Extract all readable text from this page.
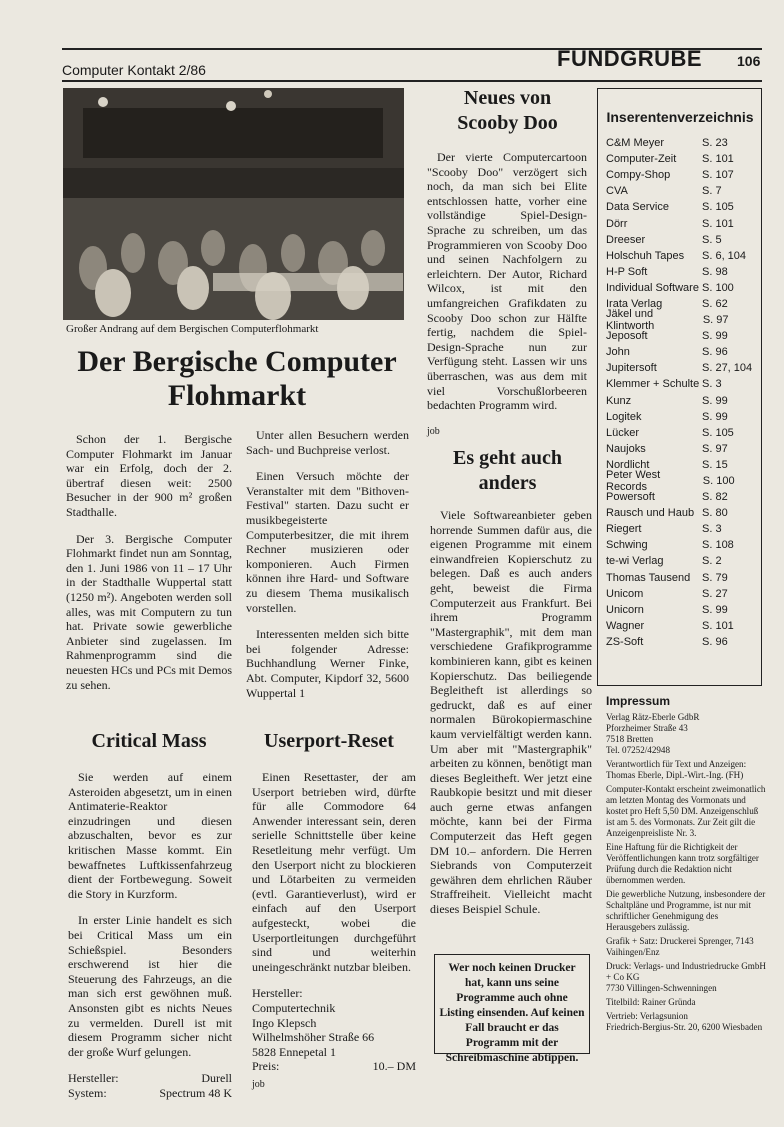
Computer Kontakt 2/86	FUNDGRUBE 106
Großer Andrang auf dem Bergischen Computerflohmarkt
Der Bergische Computer
Flohmarkt

Schon der 1. Bergische Computer Flohmarkt im Januar war ein Erfolg, doch der 2. übertraf diesen weit: 2500 Besucher in der 900 m² großen Stadthalle.

Der 3. Bergische Computer Flohmarkt findet nun am Sonntag, den 1. Juni 1986 von 11 – 17 Uhr in der Stadthalle Wuppertal statt (1250 m²). Angeboten werden soll alles, was mit Computern zu tun hat. Private sowie gewerbliche Anbieter sind zugelassen. Im Rahmenprogramm sind die neuesten HCs und PCs mit Demos zu sehen.

Unter allen Besuchern werden Sach- und Buchpreise verlost.

Einen Versuch möchte der Veranstalter mit dem "Bithoven-Festival" starten. Dazu sucht er musikbegeisterte Computerbesitzer, die mit ihrem Rechner musizieren oder komponieren. Auch Firmen können ihre Hard- und Software zu diesem Thema musikalisch vorstellen.

Interessenten melden sich bitte bei folgender Adresse: Buchhandlung Werner Finke, Abt. Computer, Kipdorf 32, 5600 Wuppertal 1

Critical Mass

Sie werden auf einem Asteroiden abgesetzt, um in einen Antimaterie-Reaktor einzudringen und diesen abzuschalten, bevor es zur kritischen Masse kommt. Ein bewaffnetes Luftkissenfahrzeug dient der Fortbewegung. Soweit die Story in Kurzform.

In erster Linie handelt es sich bei Critical Mass um ein Schießspiel. Besonders erschwerend ist hier die Steuerung des Fahrzeugs, an die man sich erst gewöhnen muß. Ansonsten gibt es nichts Neues zu vermelden. Durell ist mit diesem Programm sicher nicht der große Wurf gelungen.

Hersteller:	Durell
System:	Spectrum 48 K
Userport-Reset

Einen Resettaster, der am Userport betrieben wird, dürfte für alle Commodore 64 Anwender interessant sein, deren serielle Schnittstelle über keine Resetleitung mehr verfügt. Um den Userport nicht zu blockieren und Lötarbeiten zu vermeiden (evtl. Garantieverlust), wird er einfach auf den Userport aufgesteckt, wobei die Userportleitungen durchgeführt sind und weiterhin uneingeschränkt nutzbar bleiben.

Hersteller:
Computertechnik
Ingo Klepsch
Wilhelmshöher Straße 66
5828 Ennepetal 1
Preis:	10.– DM
job
Neues von
Scooby Doo

Der vierte Computercartoon "Scooby Doo" verzögert sich noch, da man sich bei Elite entschlossen hatte, vorher eine vollständige Spiel-Design-Sprache zu schreiben, um das Programmieren von Scooby Doo und seinen Nachfolgern zu erleichtern. Der Autor, Richard Wilcox, ist mit den umfangreichen Grafikdaten zu Scooby Doo schon zur Hälfte fertig, nachdem die Spiel-Design-Sprache nun zur Verfügung steht. Lassen wir uns überraschen, was aus dem mit viel Vorschußlorbeeren bedachten Programm wird.

job
Es geht auch
anders

Viele Softwareanbieter geben horrende Summen dafür aus, die eigenen Programme mit einem einwandfreien Kopierschutz zu belegen. Daß es auch anders geht, beweist die Firma Computerzeit aus Frankfurt. Bei ihrem Programm "Mastergraphik", mit dem man verschiedene Grafikprogramme kombinieren kann, gibt es keinen Kopierschutz. Das beiliegende Begleitheft ist allerdings so gedruckt, daß es auf einer normalen Bürokopiermaschine kaum vervielfältigt werden kann. Um aber mit "Mastergraphik" arbeiten zu können, benötigt man dieses Begleitheft. Wer jetzt eine Raubkopie besitzt und mit dieser auch gerne etwas anfangen möchte, kann bei der Firma Computerzeit das Heft gegen DM 10.– anfordern. Die Herren Siebrands von Computerzeit gewähren dem ehrlichen Räuber Straffreiheit. Vielleicht macht dieses Beispiel Schule.

Wer noch keinen Drucker hat, kann uns seine Programme auch ohne Listing einsenden. Auf keinen Fall braucht er das Programm mit der Schreibmaschine abtippen.
Inserentenverzeichnis
C&M Meyer	S. 23
Computer-Zeit S. 101
Compy-Shop	S. 107
CVA	S. 7
Data Service	S. 105
Dörr	S. 101
Dreeser	S. 5
Holschuh Tapes S. 6, 104
H-P Soft	S. 98
Individual Software S. 100
Irata Verlag	S. 62
Jäkel und Klintworth	S. 97
Jeposoft	S. 99
John	S. 96
Jupitersoft	S. 27, 104
Klemmer + Schulte S. 3
Kunz	S. 99
Logitek	S. 99
Lücker	S. 105
Naujoks	S. 97
Nordlicht	S. 15
Peter West Records	S. 100
Powersoft	S. 82
Rausch und Haub S. 80
Riegert	S. 3
Schwing	S. 108
te-wi Verlag	S. 2
Thomas Tausend S. 79
Unicom	S. 27
Unicorn	S. 99
Wagner	S. 101
ZS-Soft	S. 96
Impressum

Verlag Rätz-Eberle GdbR
Pforzheimer Straße 43
7518 Bretten
Tel. 07252/42948

Verantwortlich für Text und Anzeigen: Thomas Eberle, Dipl.-Wirt.-Ing. (FH)

Computer-Kontakt erscheint zweimonatlich am letzten Montag des Vormonats und kostet pro Heft 5,50 DM. Anzeigenschluß ist am 5. des Vormonats. Zur Zeit gilt die Anzeigenpreisliste Nr. 3.

Eine Haftung für die Richtigkeit der Veröffentlichungen kann trotz sorgfältiger Prüfung durch die Redaktion nicht übernommen werden.

Die gewerbliche Nutzung, insbesondere der Schaltpläne und Programme, ist nur mit schriftlicher Genehmigung des Herausgebers zulässig.

Grafik + Satz: Druckerei Sprenger, 7143 Vaihingen/Enz

Druck: Verlags- und Industriedrucke GmbH + Co KG

7730 Villingen-Schwenningen

Titelbild: Rainer Gründa

Vertrieb: Verlagsunion

Friedrich-Bergius-Str. 20, 6200 Wiesbaden
